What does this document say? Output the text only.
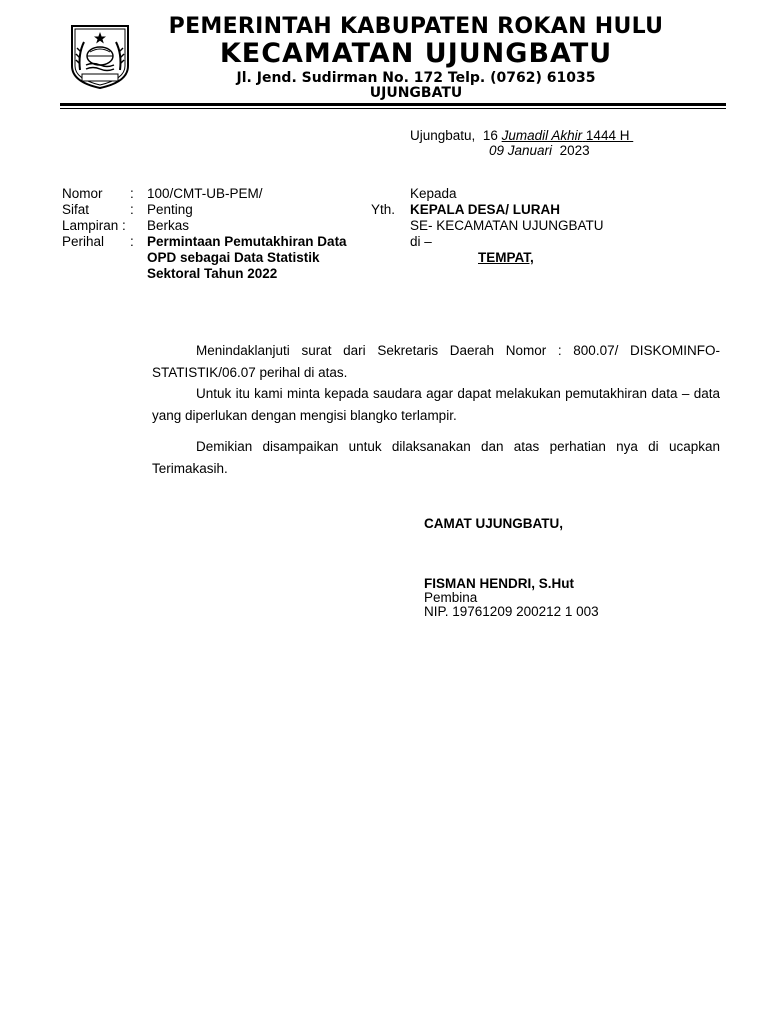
PEMERINTAH KABUPATEN ROKAN HULU
KECAMATAN UJUNGBATU
Jl. Jend. Sudirman No. 172 Telp. (0762) 61035
UJUNGBATU
Ujungbatu, 16 Jumadil Akhir 1444 H
09 Januari 2023
Nomor : 100/CMT-UB-PEM/
Sifat	: Penting
Lampiran : Berkas
Perihal : Permintaan Pemutakhiran Data
OPD sebagai Data Statistik
Sektoral Tahun 2022
Kepada
Yth. KEPALA DESA/ LURAH
SE- KECAMATAN UJUNGBATU
di –
TEMPAT,
Menindaklanjuti surat dari Sekretaris Daerah Nomor : 800.07/ DISKOMINFO-STATISTIK/06.07 perihal di atas.
Untuk itu kami minta kepada saudara agar dapat melakukan pemutakhiran data – data yang diperlukan dengan mengisi blangko terlampir.
Demikian disampaikan untuk dilaksanakan dan atas perhatian nya di ucapkan Terimakasih.
CAMAT UJUNGBATU,
FISMAN HENDRI, S.Hut
Pembina
NIP. 19761209 200212 1 003
